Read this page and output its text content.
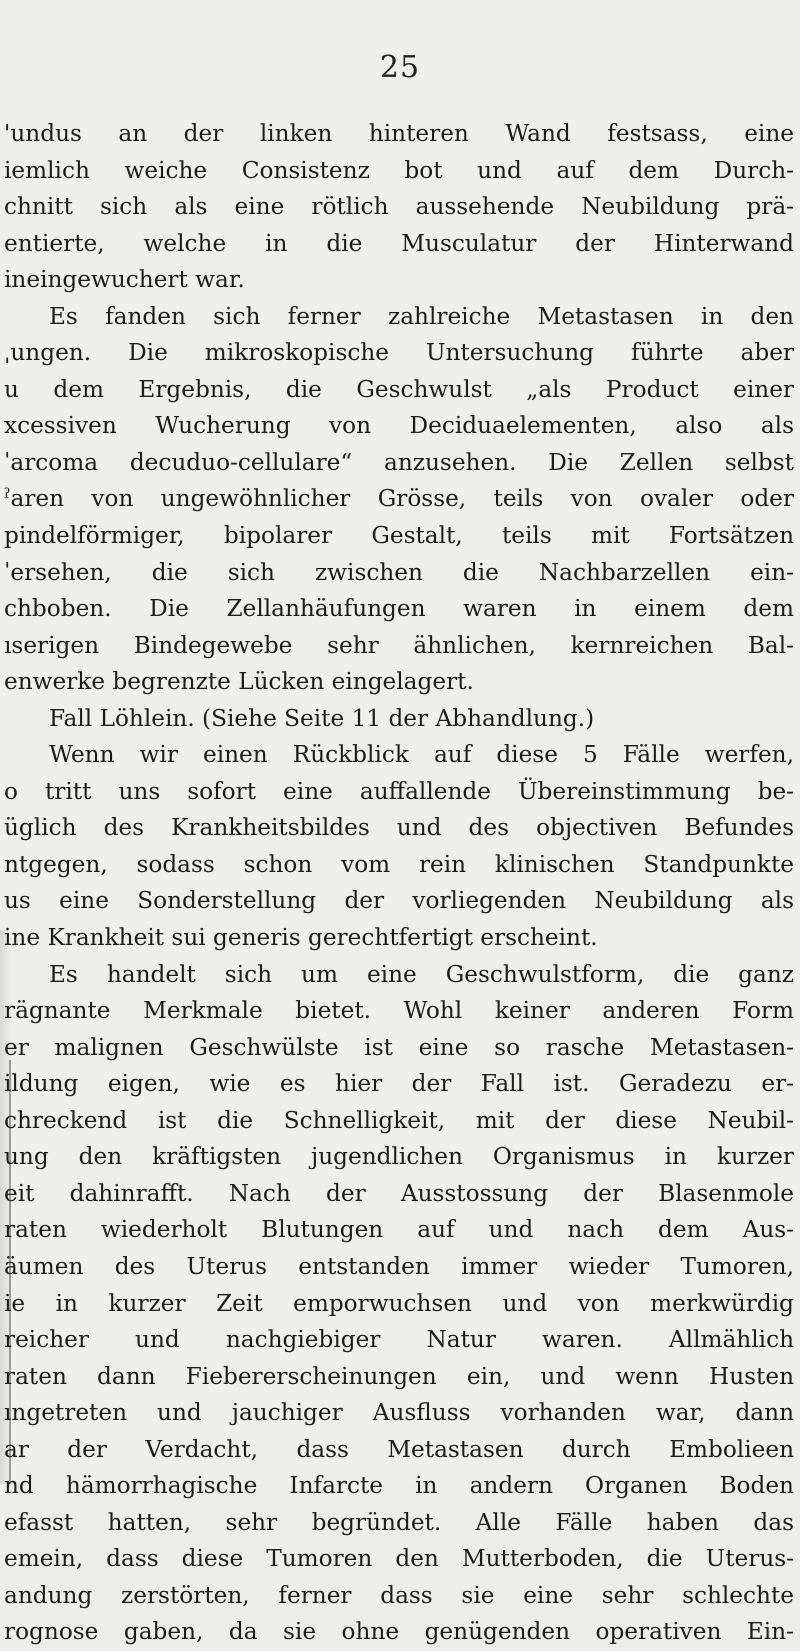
25
'undus an der linken hinteren Wand festsass, eine
iemlich weiche Consistenz bot und auf dem Durch-
chnitt sich als eine rötlich aussehende Neubildung prä-
entierte, welche in die Musculatur der Hinterwand
ineingewuchert war.
Es fanden sich ferner zahlreiche Metastasen in den
ˌungen. Die mikroskopische Untersuchung führte aber
u dem Ergebnis, die Geschwulst „als Product einer
xcessiven Wucherung von Deciduaelementen, also als
ˈarcoma decuduo-cellulare“ anzusehen. Die Zellen selbst
ˀaren von ungewöhnlicher Grösse, teils von ovaler oder
pindelförmiger, bipolarer Gestalt, teils mit Fortsätzen
ˈersehen, die sich zwischen die Nachbarzellen ein-
chboben. Die Zellanhäufungen waren in einem dem
ıserigen Bindegewebe sehr ähnlichen, kernreichen Bal-
enwerke begrenzte Lücken eingelagert.
Fall Löhlein. (Siehe Seite 11 der Abhandlung.)
Wenn wir einen Rückblick auf diese 5 Fälle werfen,
o tritt uns sofort eine auffallende Übereinstimmung be-
üglich des Krankheitsbildes und des objectiven Befundes
ntgegen, sodass schon vom rein klinischen Standpunkte
us eine Sonderstellung der vorliegenden Neubildung als
ine Krankheit sui generis gerechtfertigt erscheint.
Es handelt sich um eine Geschwulstform, die ganz
rägnante Merkmale bietet. Wohl keiner anderen Form
er malignen Geschwülste ist eine so rasche Metastasen-
ildung eigen, wie es hier der Fall ist. Geradezu er-
chreckend ist die Schnelligkeit, mit der diese Neubil-
ung den kräftigsten jugendlichen Organismus in kurzer
eit dahinrafft. Nach der Ausstossung der Blasenmole
raten wiederholt Blutungen auf und nach dem Aus-
äumen des Uterus entstanden immer wieder Tumoren,
ie in kurzer Zeit emporwuchsen und von merkwürdig
reicher und nachgiebiger Natur waren. Allmählich
raten dann Fiebererscheinungen ein, und wenn Husten
ıngetreten und jauchiger Ausfluss vorhanden war, dann
ar der Verdacht, dass Metastasen durch Embolieen
nd hämorrhagische Infarcte in andern Organen Boden
efasst hatten, sehr begründet. Alle Fälle haben das
emein, dass diese Tumoren den Mutterboden, die Uterus-
andung zerstörten, ferner dass sie eine sehr schlechte
rognose gaben, da sie ohne genügenden operativen Ein-
